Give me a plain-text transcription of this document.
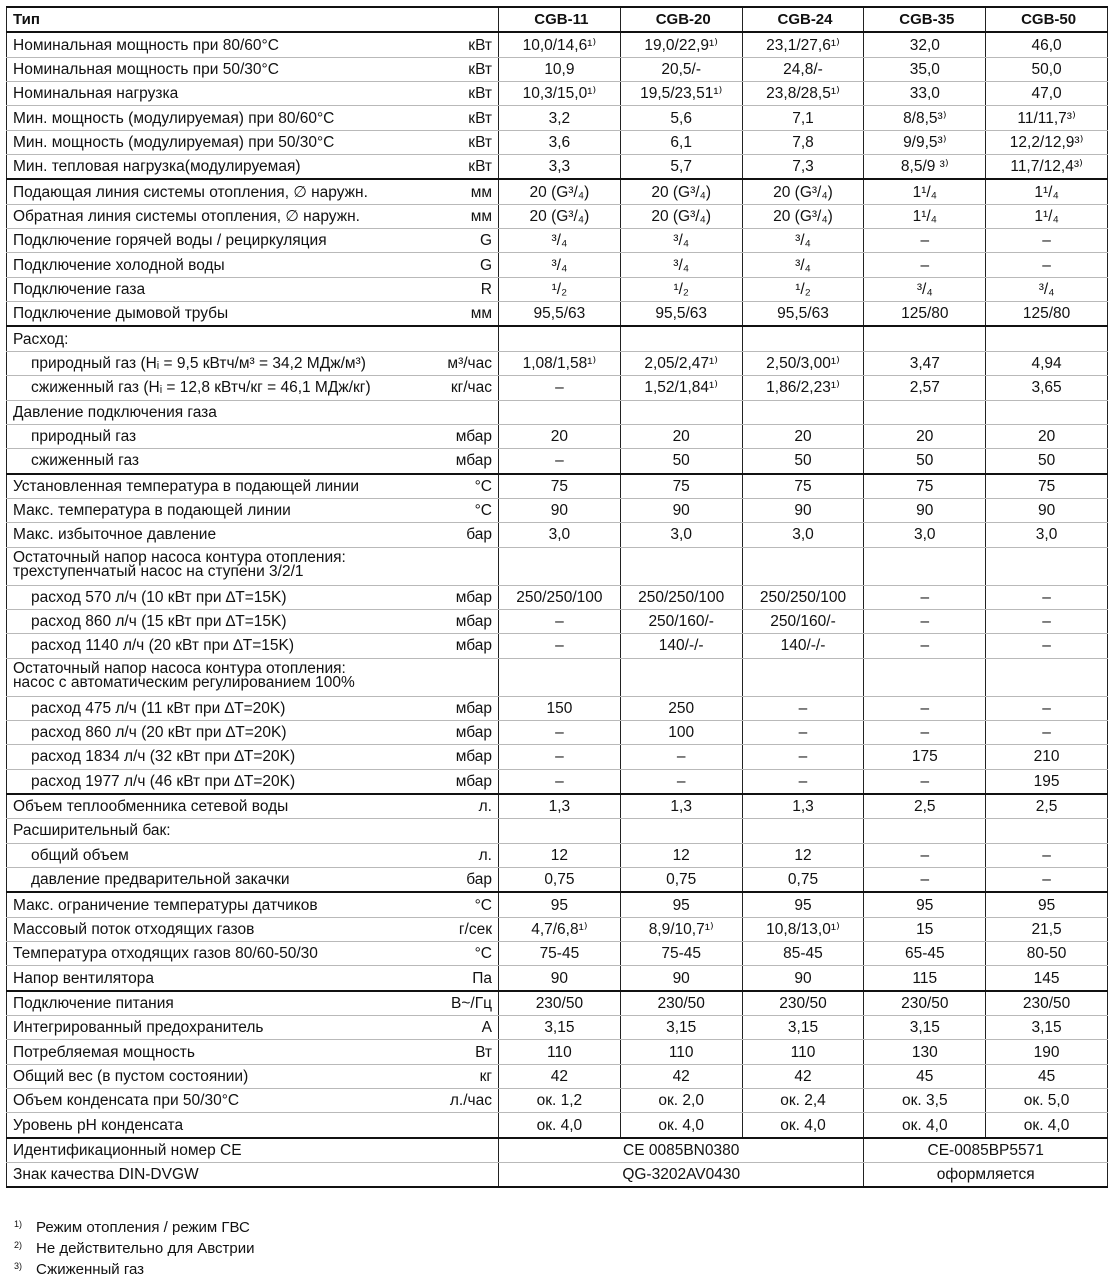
Тип		CGB-11	CGB-20	CGB-24	CGB-35	CGB-50
Номинальная мощность при 80/60°C	кВт	10,0/14,6¹⁾	19,0/22,9¹⁾	23,1/27,6¹⁾	32,0	46,0
Номинальная мощность при 50/30°C	кВт	10,9	20,5/-	24,8/-	35,0	50,0
Номинальная нагрузка	кВт	10,3/15,0¹⁾	19,5/23,51¹⁾	23,8/28,5¹⁾	33,0	47,0
Мин. мощность (модулируемая) при 80/60°C	кВт	3,2	5,6	7,1	8/8,5³⁾	11/11,7³⁾
Мин. мощность (модулируемая) при 50/30°C	кВт	3,6	6,1	7,8	9/9,5³⁾	12,2/12,9³⁾
Мин. тепловая нагрузка(модулируемая)	кВт	3,3	5,7	7,3	8,5/9 ³⁾	11,7/12,4³⁾
Подающая линия системы отопления, ∅ наружн.	мм	20 (G³/₄)	20 (G³/₄)	20 (G³/₄)	1¹/₄	1¹/₄
Обратная линия системы отопления, ∅ наружн.	мм	20 (G³/₄)	20 (G³/₄)	20 (G³/₄)	1¹/₄	1¹/₄
Подключение горячей воды / рециркуляция	G	³/₄	³/₄	³/₄	–	–
Подключение холодной воды	G	³/₄	³/₄	³/₄	–	–
Подключение газа	R	¹/₂	¹/₂	¹/₂	³/₄	³/₄
Подключение дымовой трубы	мм	95,5/63	95,5/63	95,5/63	125/80	125/80
Расход:						
природный газ (Hᵢ = 9,5 кВтч/м³ = 34,2 МДж/м³)	м³/час	1,08/1,58¹⁾	2,05/2,47¹⁾	2,50/3,00¹⁾	3,47	4,94
сжиженный газ (Hᵢ = 12,8 кВтч/кг = 46,1 МДж/кг)	кг/час	–	1,52/1,84¹⁾	1,86/2,23¹⁾	2,57	3,65
Давление подключения газа						
природный газ	мбар	20	20	20	20	20
сжиженный газ	мбар	–	50	50	50	50
Установленная температура в подающей линии	°C	75	75	75	75	75
Макс. температура в подающей линии	°C	90	90	90	90	90
Макс. избыточное давление	бар	3,0	3,0	3,0	3,0	3,0

Остаточный напор насоса контура отопления:
трехступенчатый насос на ступени 3/2/1						

расход 570 л/ч (10 кВт при ∆T=15K)	мбар	250/250/100	250/250/100	250/250/100	–	–
расход 860 л/ч (15 кВт при ∆T=15K)	мбар	–	250/160/-	250/160/-	–	–
расход 1140 л/ч (20 кВт при ∆T=15K)	мбар	–	140/-/-	140/-/-	–	–

Остаточный напор насоса контура отопления:
насос с автоматическим регулированием 100%						

расход 475 л/ч (11 кВт при ∆T=20K)	мбар	150	250	–	–	–
расход 860 л/ч (20 кВт при ∆T=20K)	мбар	–	100	–	–	–
расход 1834 л/ч (32 кВт при ∆T=20K)	мбар	–	–	–	175	210
расход 1977 л/ч (46 кВт при ∆T=20K)	мбар	–	–	–	–	195
Объем теплообменника сетевой воды	л.	1,3	1,3	1,3	2,5	2,5
Расширительный бак:						
общий объем	л.	12	12	12	–	–
давление предварительной закачки	бар	0,75	0,75	0,75	–	–
Макс. ограничение температуры датчиков	°C	95	95	95	95	95
Массовый поток отходящих газов	г/сек	4,7/6,8¹⁾	8,9/10,7¹⁾	10,8/13,0¹⁾	15	21,5
Температура отходящих газов 80/60-50/30	°C	75-45	75-45	85-45	65-45	80-50
Напор вентилятора	Па	90	90	90	115	145
Подключение питания	В~/Гц	230/50	230/50	230/50	230/50	230/50
Интегрированный предохранитель	A	3,15	3,15	3,15	3,15	3,15
Потребляемая мощность	Вт	110	110	110	130	190
Общий вес (в пустом состоянии)	кг	42	42	42	45	45
Объем конденсата при 50/30°C	л./час	ок. 1,2	ок. 2,0	ок. 2,4	ок. 3,5	ок. 5,0
Уровень pH конденсата		ок. 4,0	ок. 4,0	ок. 4,0	ок. 4,0	ок. 4,0
Идентификационный номер CE		CE 0085BN0380			CE-0085BP5571	
Знак качества DIN-DVGW		QG-3202AV0430			оформляется	
1) Режим отопления / режим ГВС
2) Не действительно для Австрии
3) Сжиженный газ
